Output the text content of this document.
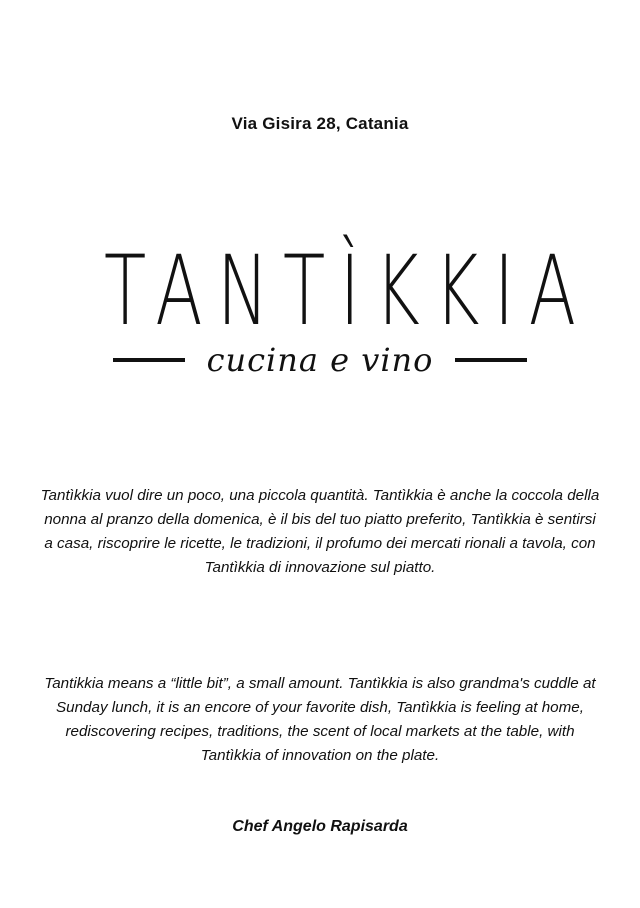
Via Gisira 28, Catania
TANTÌKKIA
cucina e vino
Tantìkkia vuol dire un poco, una piccola quantità. Tantìkkia è anche la coccola della nonna al pranzo della domenica, è il bis del tuo piatto preferito, Tantìkkia è sentirsi a casa, riscoprire le ricette, le tradizioni, il profumo dei mercati rionali a tavola, con Tantìkkia di innovazione sul piatto.
Tantikkia means a “little bit”, a small amount. Tantìkkia is also grandma's cuddle at Sunday lunch, it is an encore of your favorite dish, Tantìkkia is feeling at home, rediscovering recipes, traditions, the scent of local markets at the table, with Tantìkkia of innovation on the plate.
Chef Angelo Rapisarda
